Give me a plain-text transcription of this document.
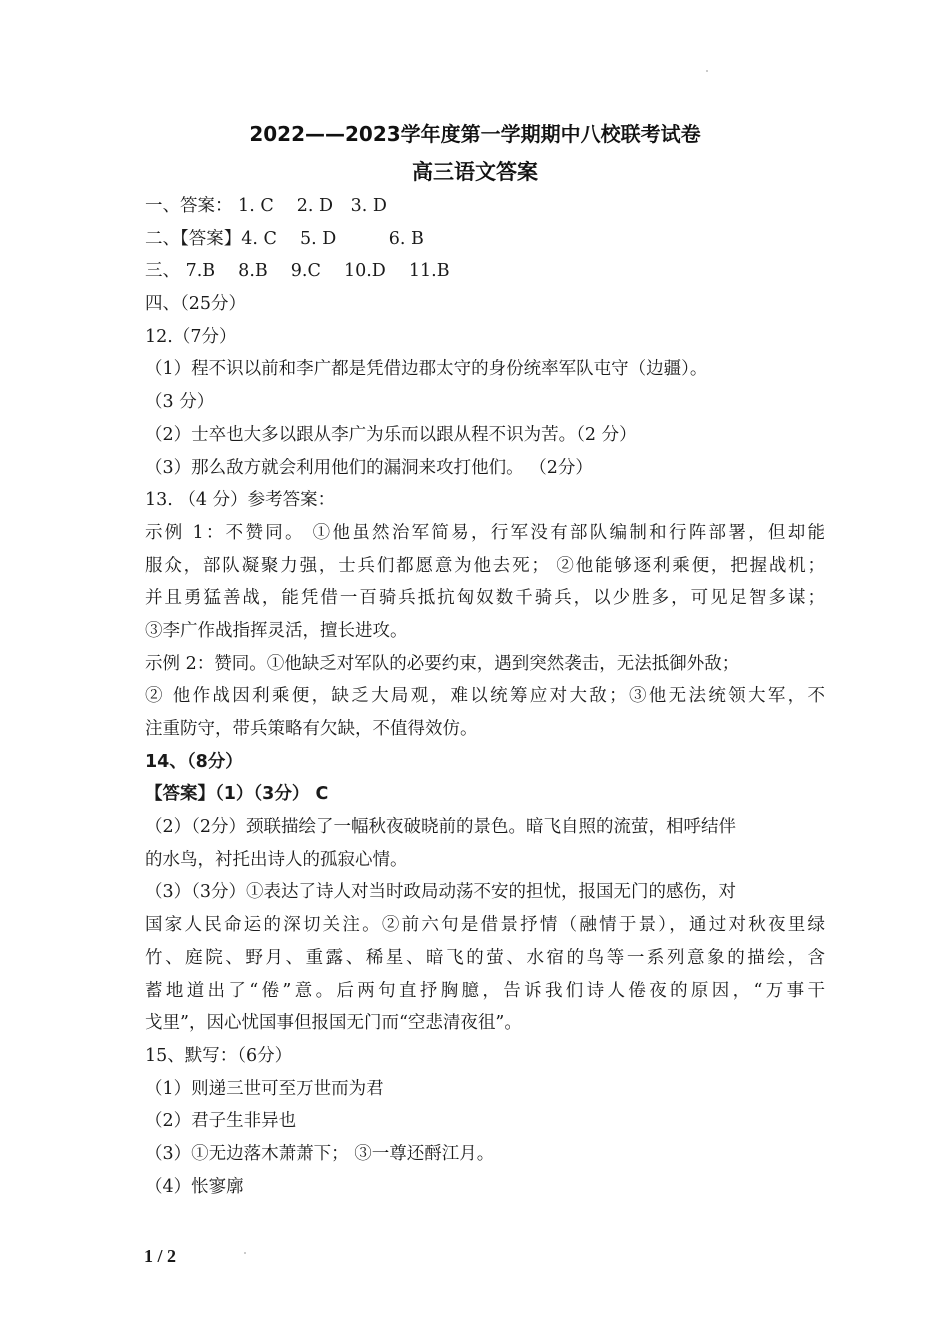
2022——2023学年度第一学期期中八校联考试卷
高三语文答案
一、答案： 1. C　 2. D　3. D
二、【答案】4. C　 5. D　　　6. B
三、 7.B　 8.B　 9.C　 10.D　 11.B
四、（25分）
12.（7分）
（1）程不识以前和李广都是凭借边郡太守的身份统率军队屯守（边疆）。
（3 分）
（2）士卒也大多以跟从李广为乐而以跟从程不识为苦。（2 分）
（3）那么敌方就会利用他们的漏洞来攻打他们。 （2分）
13. （4 分）参考答案：
示例 1：不赞同。 ①他虽然治军简易，行军没有部队编制和行阵部署，但却能
服众，部队凝聚力强，士兵们都愿意为他去死； ②他能够逐利乘便，把握战机；
并且勇猛善战，能凭借一百骑兵抵抗匈奴数千骑兵，以少胜多，可见足智多谋；
③李广作战指挥灵活，擅长进攻。
示例 2：赞同。①他缺乏对军队的必要约束，遇到突然袭击，无法抵御外敌；
② 他作战因利乘便，缺乏大局观，难以统筹应对大敌；③他无法统领大军，不
注重防守，带兵策略有欠缺，不值得效仿。
14、（8分）
【答案】（1）（3分） C
（2）（2分）颈联描绘了一幅秋夜破晓前的景色。暗飞自照的流萤，相呼结伴
的水鸟，衬托出诗人的孤寂心情。
（3）（3分）①表达了诗人对当时政局动荡不安的担忧，报国无门的感伤，对
国家人民命运的深切关注。②前六句是借景抒情（融情于景），通过对秋夜里绿
竹、庭院、野月、重露、稀星、暗飞的萤、水宿的鸟等一系列意象的描绘，含
蓄地道出了“倦”意。后两句直抒胸臆，告诉我们诗人倦夜的原因，“万事干
戈里”，因心忧国事但报国无门而“空悲清夜徂”。
15、默写：（6分）
（1）则递三世可至万世而为君
（2）君子生非异也
（3）①无边落木萧萧下； ③一尊还酹江月。
（4）怅寥廓
1 / 2
